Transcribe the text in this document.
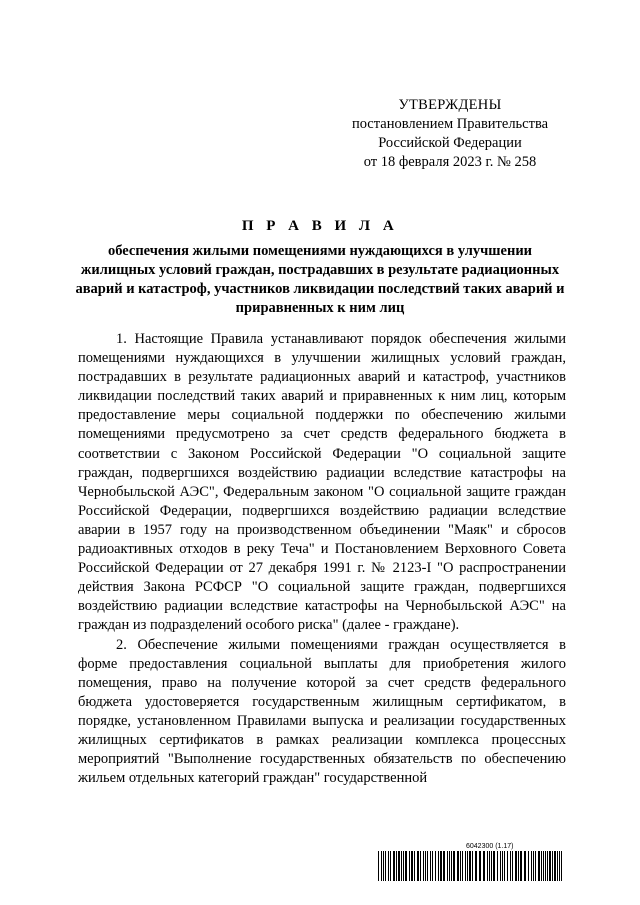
УТВЕРЖДЕНЫ
постановлением Правительства
Российской Федерации
от 18 февраля 2023 г. № 258
П Р А В И Л А
обеспечения жилыми помещениями нуждающихся в улучшении жилищных условий граждан, пострадавших в результате радиационных аварий и катастроф, участников ликвидации последствий таких аварий и приравненных к ним лиц

1. Настоящие Правила устанавливают порядок обеспечения жилыми помещениями нуждающихся в улучшении жилищных условий граждан, пострадавших в результате радиационных аварий и катастроф, участников ликвидации последствий таких аварий и приравненных к ним лиц, которым предоставление меры социальной поддержки по обеспечению жилыми помещениями предусмотрено за счет средств федерального бюджета в соответствии с Законом Российской Федерации "О социальной защите граждан, подвергшихся воздействию радиации вследствие катастрофы на Чернобыльской АЭС", Федеральным законом "О социальной защите граждан Российской Федерации, подвергшихся воздействию радиации вследствие аварии в 1957 году на производственном объединении "Маяк" и сбросов радиоактивных отходов в реку Теча" и Постановлением Верховного Совета Российской Федерации от 27 декабря 1991 г. № 2123-I "О распространении действия Закона РСФСР "О социальной защите граждан, подвергшихся воздействию радиации вследствие катастрофы на Чернобыльской АЭС" на граждан из подразделений особого риска" (далее - граждане).

2. Обеспечение жилыми помещениями граждан осуществляется в форме предоставления социальной выплаты для приобретения жилого помещения, право на получение которой за счет средств федерального бюджета удостоверяется государственным жилищным сертификатом, в порядке, установленном Правилами выпуска и реализации государственных жилищных сертификатов в рамках реализации комплекса процессных мероприятий "Выполнение государственных обязательств по обеспечению жильем отдельных категорий граждан" государственной

6042300 (1.17)
